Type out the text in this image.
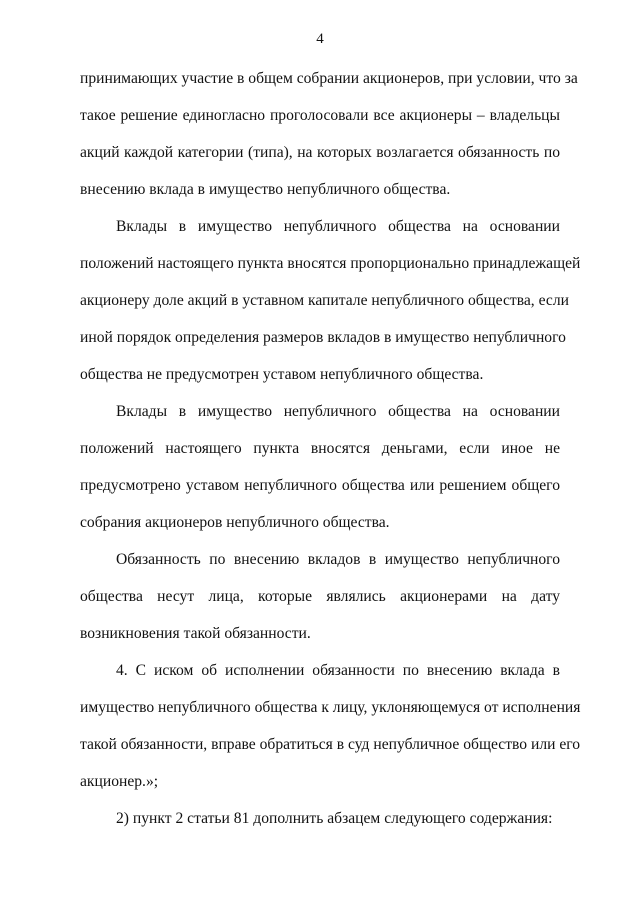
4
принимающих участие в общем собрании акционеров, при условии, что за
такое решение единогласно проголосовали все акционеры – владельцы
акций каждой категории (типа), на которых возлагается обязанность по
внесению вклада в имущество непубличного общества.
Вклады в имущество непубличного общества на основании
положений настоящего пункта вносятся пропорционально принадлежащей
акционеру доле акций в уставном капитале непубличного общества, если
иной порядок определения размеров вкладов в имущество непубличного
общества не предусмотрен уставом непубличного общества.
Вклады в имущество непубличного общества на основании
положений настоящего пункта вносятся деньгами, если иное не
предусмотрено уставом непубличного общества или решением общего
собрания акционеров непубличного общества.
Обязанность по внесению вкладов в имущество непубличного
общества несут лица, которые являлись акционерами на дату
возникновения такой обязанности.
4. С иском об исполнении обязанности по внесению вклада в
имущество непубличного общества к лицу, уклоняющемуся от исполнения
такой обязанности, вправе обратиться в суд непубличное общество или его
акционер.»;
2) пункт 2 статьи 81 дополнить абзацем следующего содержания:
